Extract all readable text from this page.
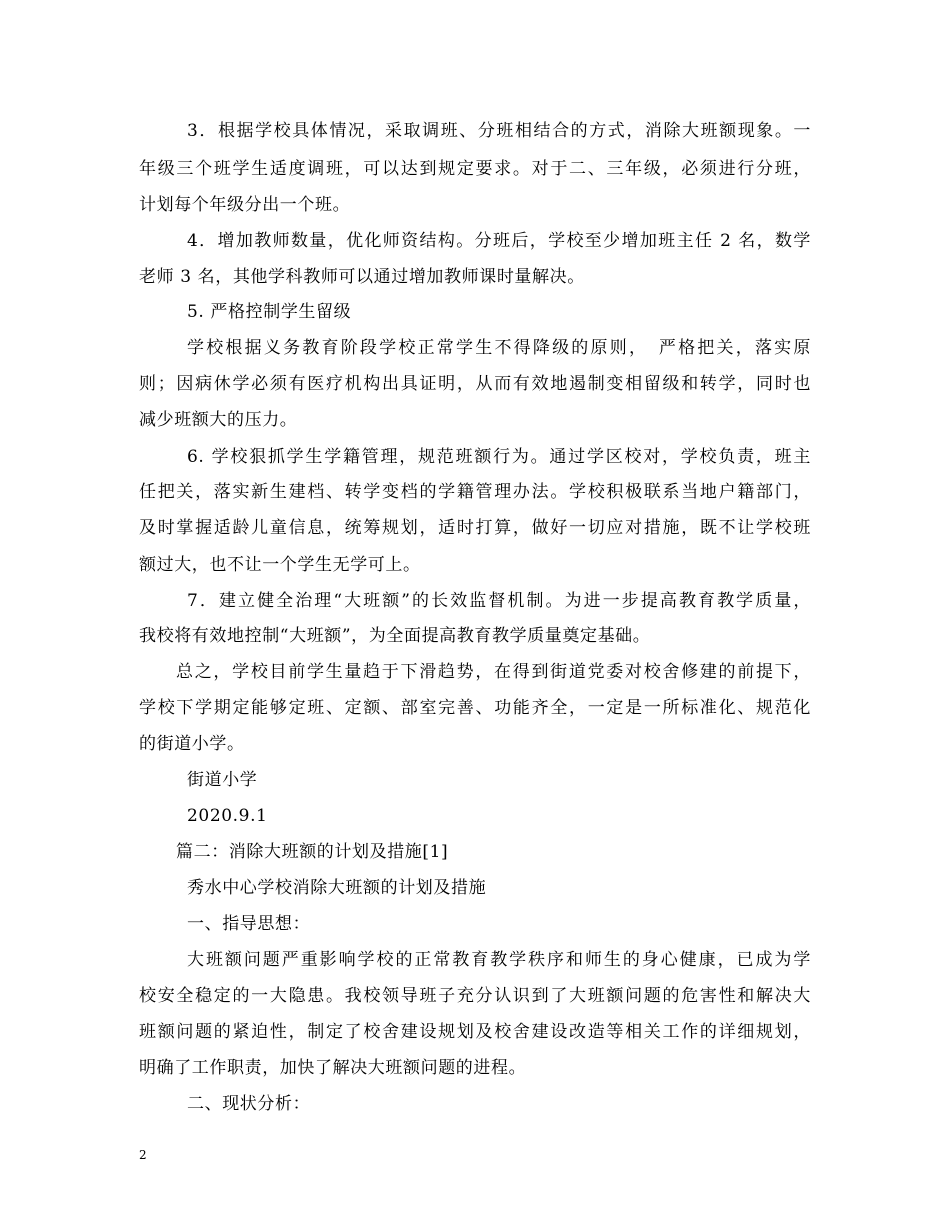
3．根据学校具体情况，采取调班、分班相结合的方式，消除大班额现象。一
年级三个班学生适度调班，可以达到规定要求。对于二、三年级，必须进行分班，
计划每个年级分出一个班。
4．增加教师数量，优化师资结构。分班后，学校至少增加班主任 2 名，数学
老师 3 名，其他学科教师可以通过增加教师课时量解决。
5. 严格控制学生留级
学校根据义务教育阶段学校正常学生不得降级的原则，　严格把关，落实原
则；因病休学必须有医疗机构出具证明，从而有效地遏制变相留级和转学，同时也
减少班额大的压力。
6. 学校狠抓学生学籍管理，规范班额行为。通过学区校对，学校负责，班主
任把关，落实新生建档、转学变档的学籍管理办法。学校积极联系当地户籍部门，
及时掌握适龄儿童信息，统筹规划，适时打算，做好一切应对措施，既不让学校班
额过大，也不让一个学生无学可上。
7．建立健全治理“大班额”的长效监督机制。为进一步提高教育教学质量，
我校将有效地控制“大班额”，为全面提高教育教学质量奠定基础。
总之，学校目前学生量趋于下滑趋势，在得到街道党委对校舍修建的前提下，
学校下学期定能够定班、定额、部室完善、功能齐全，一定是一所标准化、规范化
的街道小学。
街道小学
2020.9.1
篇二：消除大班额的计划及措施[1]
秀水中心学校消除大班额的计划及措施
一、指导思想：
大班额问题严重影响学校的正常教育教学秩序和师生的身心健康，已成为学
校安全稳定的一大隐患。我校领导班子充分认识到了大班额问题的危害性和解决大
班额问题的紧迫性，制定了校舍建设规划及校舍建设改造等相关工作的详细规划，
明确了工作职责，加快了解决大班额问题的进程。
二、现状分析：
2
